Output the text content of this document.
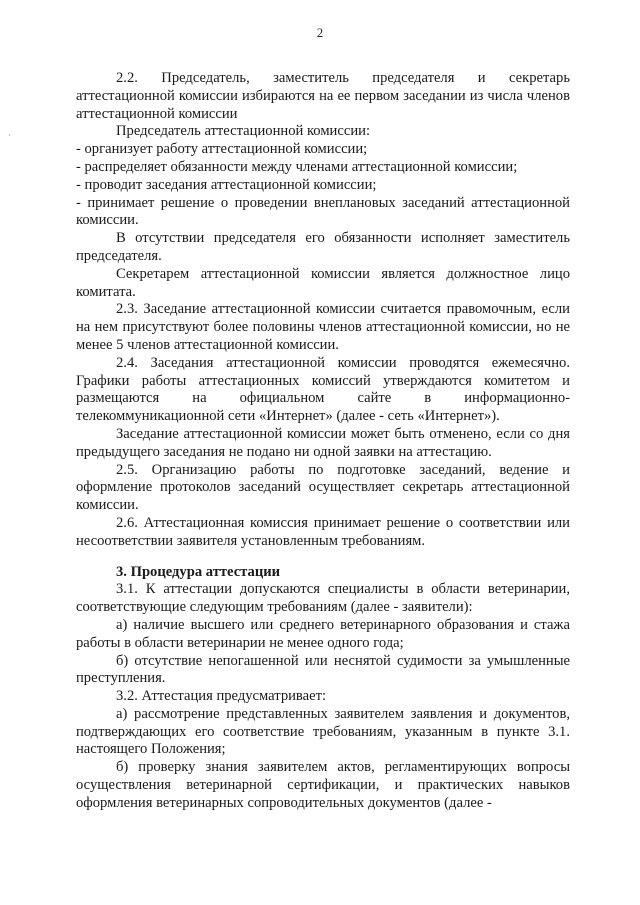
·
2

2.2. Председатель, заместитель председателя и секретарь аттестационной комиссии избираются на ее первом заседании из числа членов аттестационной комиссии

Председатель аттестационной комиссии:

- организует работу аттестационной комиссии;

- распределяет обязанности между членами аттестационной комиссии;

- проводит заседания аттестационной комиссии;

- принимает решение о проведении внеплановых заседаний аттестационной комиссии.

В отсутствии председателя его обязанности исполняет заместитель председателя.

Секретарем аттестационной комиссии является должностное лицо комитата.

2.3. Заседание аттестационной комиссии считается правомочным, если на нем присутствуют более половины членов аттестационной комиссии, но не менее 5 членов аттестационной комиссии.

2.4. Заседания аттестационной комиссии проводятся ежемесячно. Графики работы аттестационных комиссий утверждаются комитетом и размещаются на официальном сайте в информационно-телекоммуникационной сети «Интернет» (далее - сеть «Интернет»).

Заседание аттестационной комиссии может быть отменено, если со дня предыдущего заседания не подано ни одной заявки на аттестацию.

2.5. Организацию работы по подготовке заседаний, ведение и оформление протоколов заседаний осуществляет секретарь аттестационной комиссии.

2.6. Аттестационная комиссия принимает решение о соответствии или несоответствии заявителя установленным требованиям.

3. Процедура аттестации

3.1. К аттестации допускаются специалисты в области ветеринарии, соответствующие следующим требованиям (далее - заявители):

а) наличие высшего или среднего ветеринарного образования и стажа работы в области ветеринарии не менее одного года;

б) отсутствие непогашенной или неснятой судимости за умышленные преступления.

3.2. Аттестация предусматривает:

а) рассмотрение представленных заявителем заявления и документов, подтверждающих его соответствие требованиям, указанным в пункте 3.1. настоящего Положения;

б) проверку знания заявителем актов, регламентирующих вопросы осуществления ветеринарной сертификации, и практических навыков оформления ветеринарных сопроводительных документов (далее -
